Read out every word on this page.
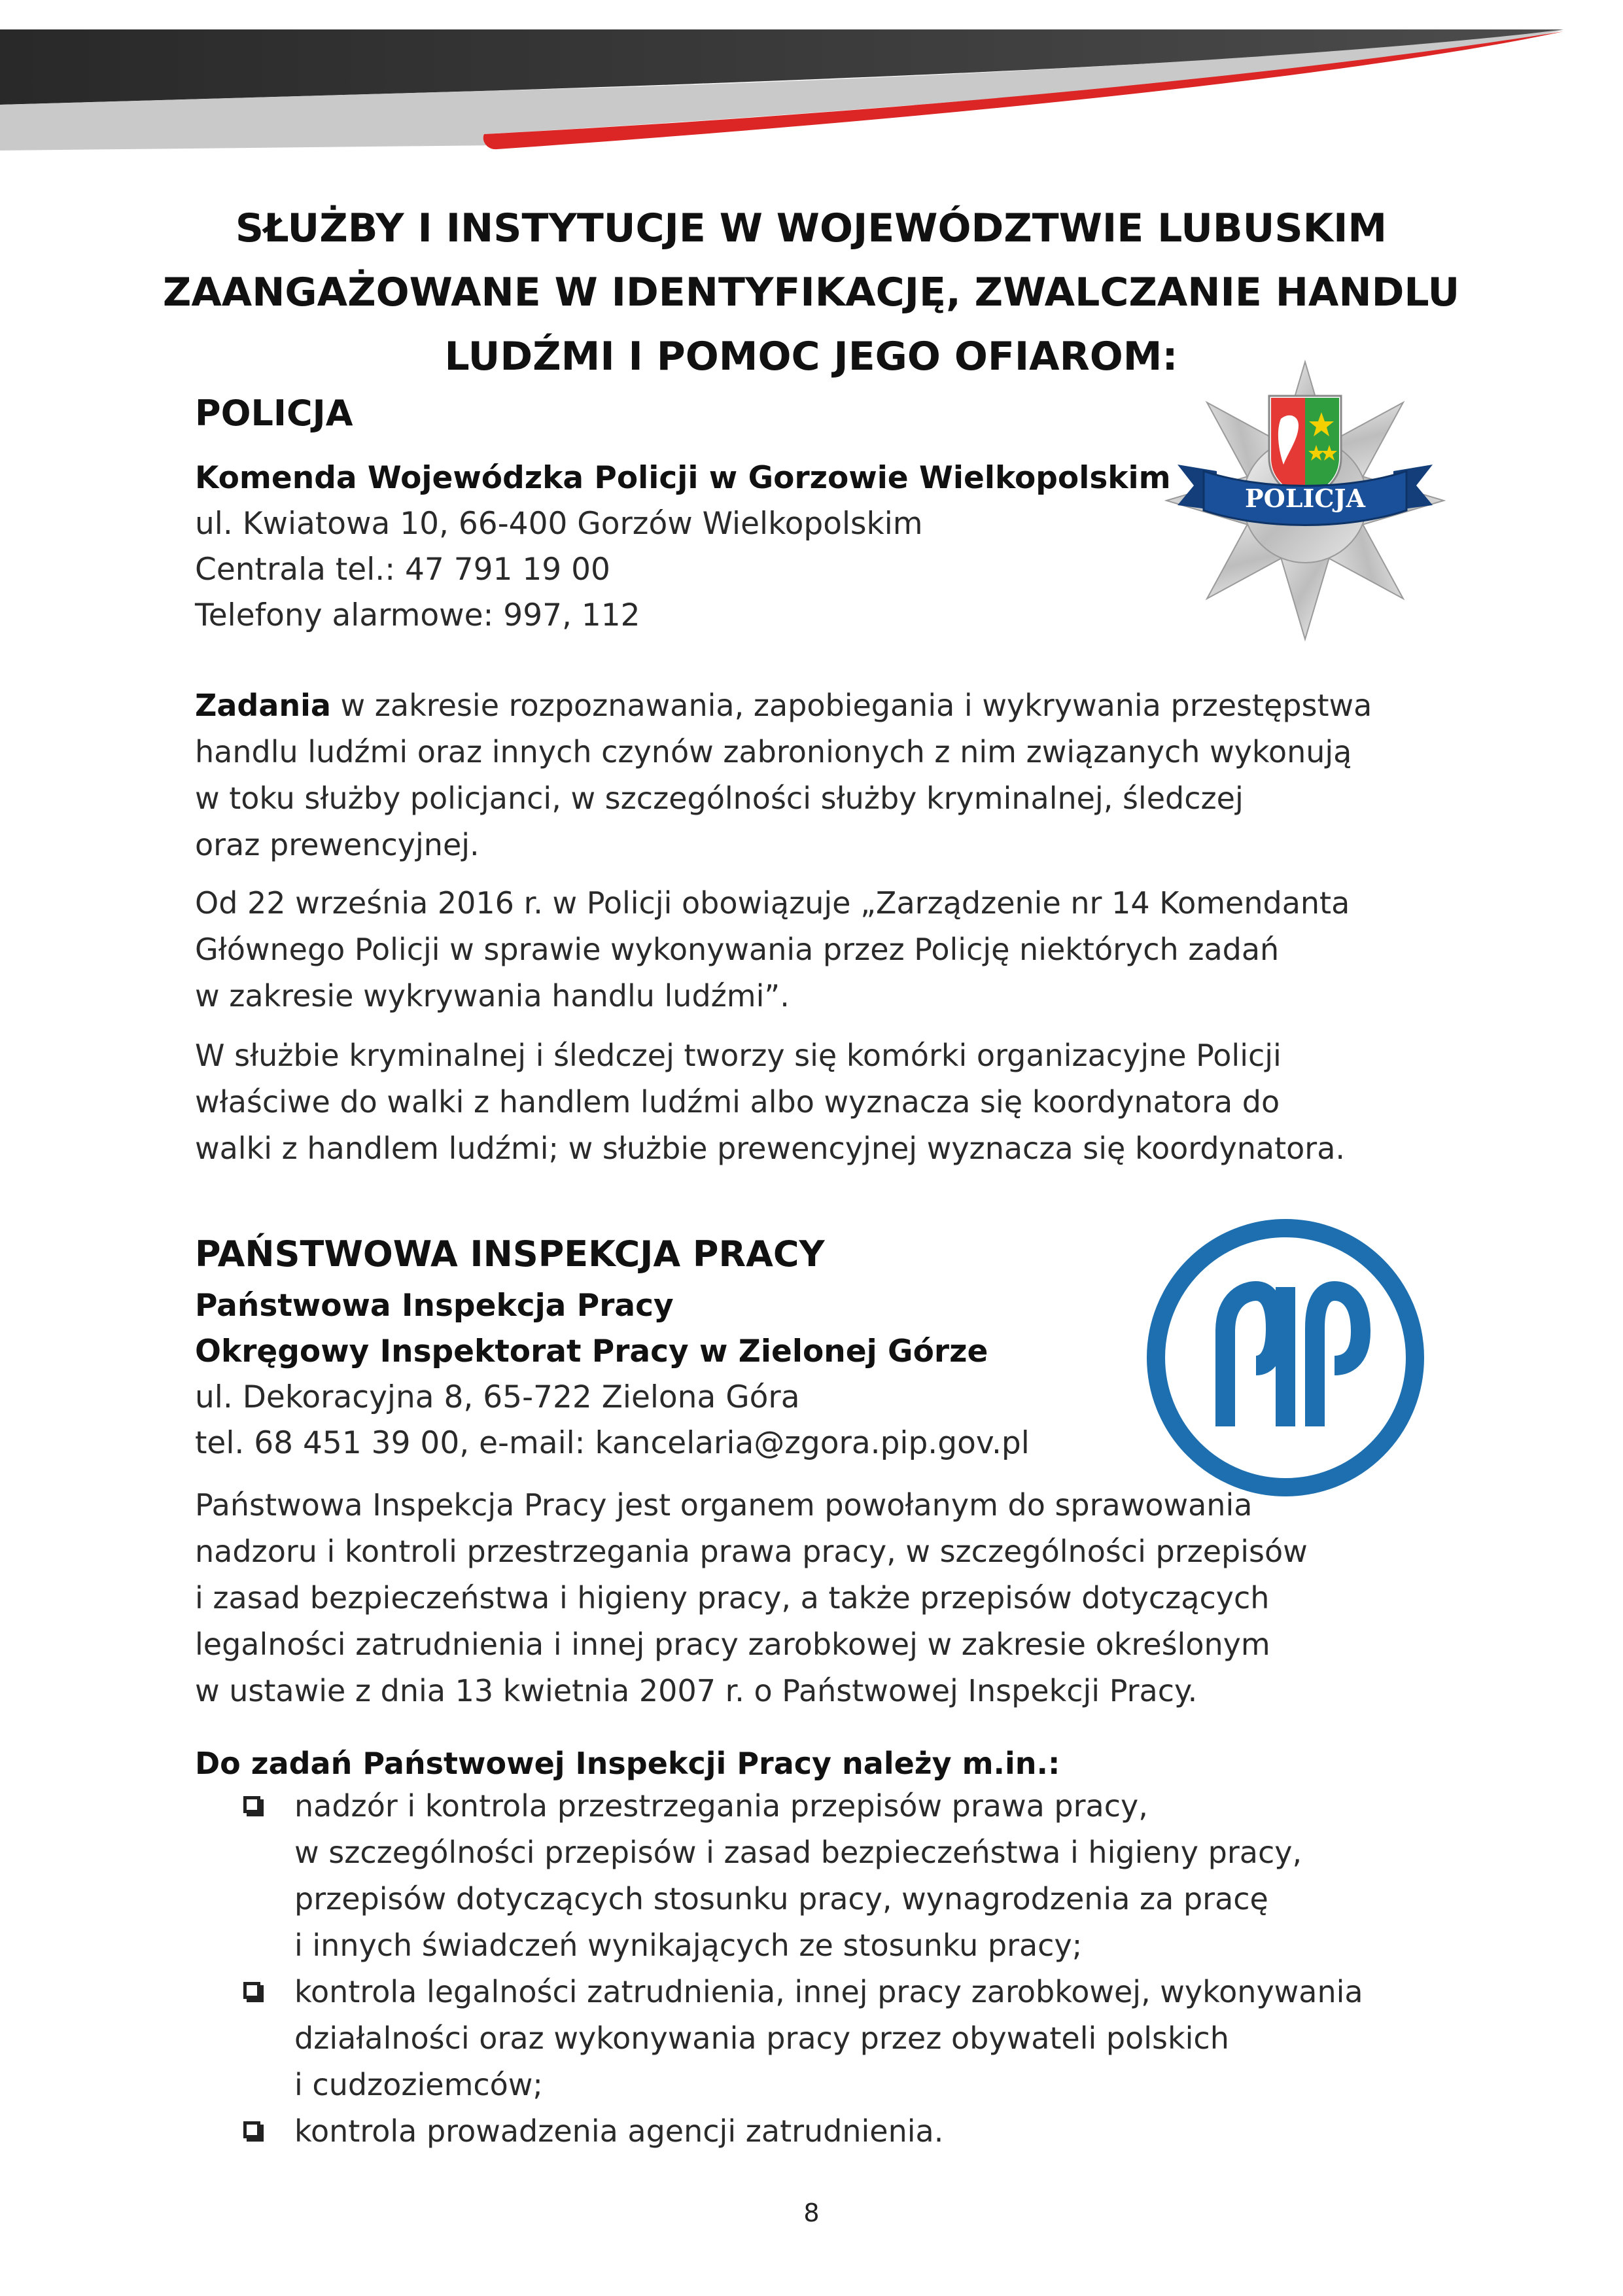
SŁUŻBY I INSTYTUCJE W WOJEWÓDZTWIE LUBUSKIM
ZAANGAŻOWANE W IDENTYFIKACJĘ, ZWALCZANIE HANDLU
LUDŹMI I POMOC JEGO OFIAROM:
POLICJA
Komenda Wojewódzka Policji w Gorzowie Wielkopolskim
ul. Kwiatowa 10, 66-400 Gorzów Wielkopolskim
Centrala tel.: 47 791 19 00
Telefony alarmowe: 997, 112
POLICJA
Zadania w zakresie rozpoznawania, zapobiegania i wykrywania przestępstwa
handlu ludźmi oraz innych czynów zabronionych z nim związanych wykonują
w toku służby policjanci, w szczególności służby kryminalnej, śledczej
oraz prewencyjnej.
Od 22 września 2016 r. w Policji obowiązuje „Zarządzenie nr 14 Komendanta
Głównego Policji w sprawie wykonywania przez Policję niektórych zadań
w zakresie wykrywania handlu ludźmi”.
W służbie kryminalnej i śledczej tworzy się komórki organizacyjne Policji
właściwe do walki z handlem ludźmi albo wyznacza się koordynatora do
walki z handlem ludźmi; w służbie prewencyjnej wyznacza się koordynatora.
PAŃSTWOWA INSPEKCJA PRACY
Państwowa Inspekcja Pracy
Okręgowy Inspektorat Pracy w Zielonej Górze
ul. Dekoracyjna 8, 65-722 Zielona Góra
tel. 68 451 39 00, e-mail: kancelaria@zgora.pip.gov.pl
Państwowa Inspekcja Pracy jest organem powołanym do sprawowania
nadzoru i kontroli przestrzegania prawa pracy, w szczególności przepisów
i zasad bezpieczeństwa i higieny pracy, a także przepisów dotyczących
legalności zatrudnienia i innej pracy zarobkowej w zakresie określonym
w ustawie z dnia 13 kwietnia 2007 r. o Państwowej Inspekcji Pracy.
Do zadań Państwowej Inspekcji Pracy należy m.in.:
nadzór i kontrola przestrzegania przepisów prawa pracy,
w szczególności przepisów i zasad bezpieczeństwa i higieny pracy,
przepisów dotyczących stosunku pracy, wynagrodzenia za pracę
i innych świadczeń wynikających ze stosunku pracy;
kontrola legalności zatrudnienia, innej pracy zarobkowej, wykonywania
działalności oraz wykonywania pracy przez obywateli polskich
i cudzoziemców;
kontrola prowadzenia agencji zatrudnienia.
8
